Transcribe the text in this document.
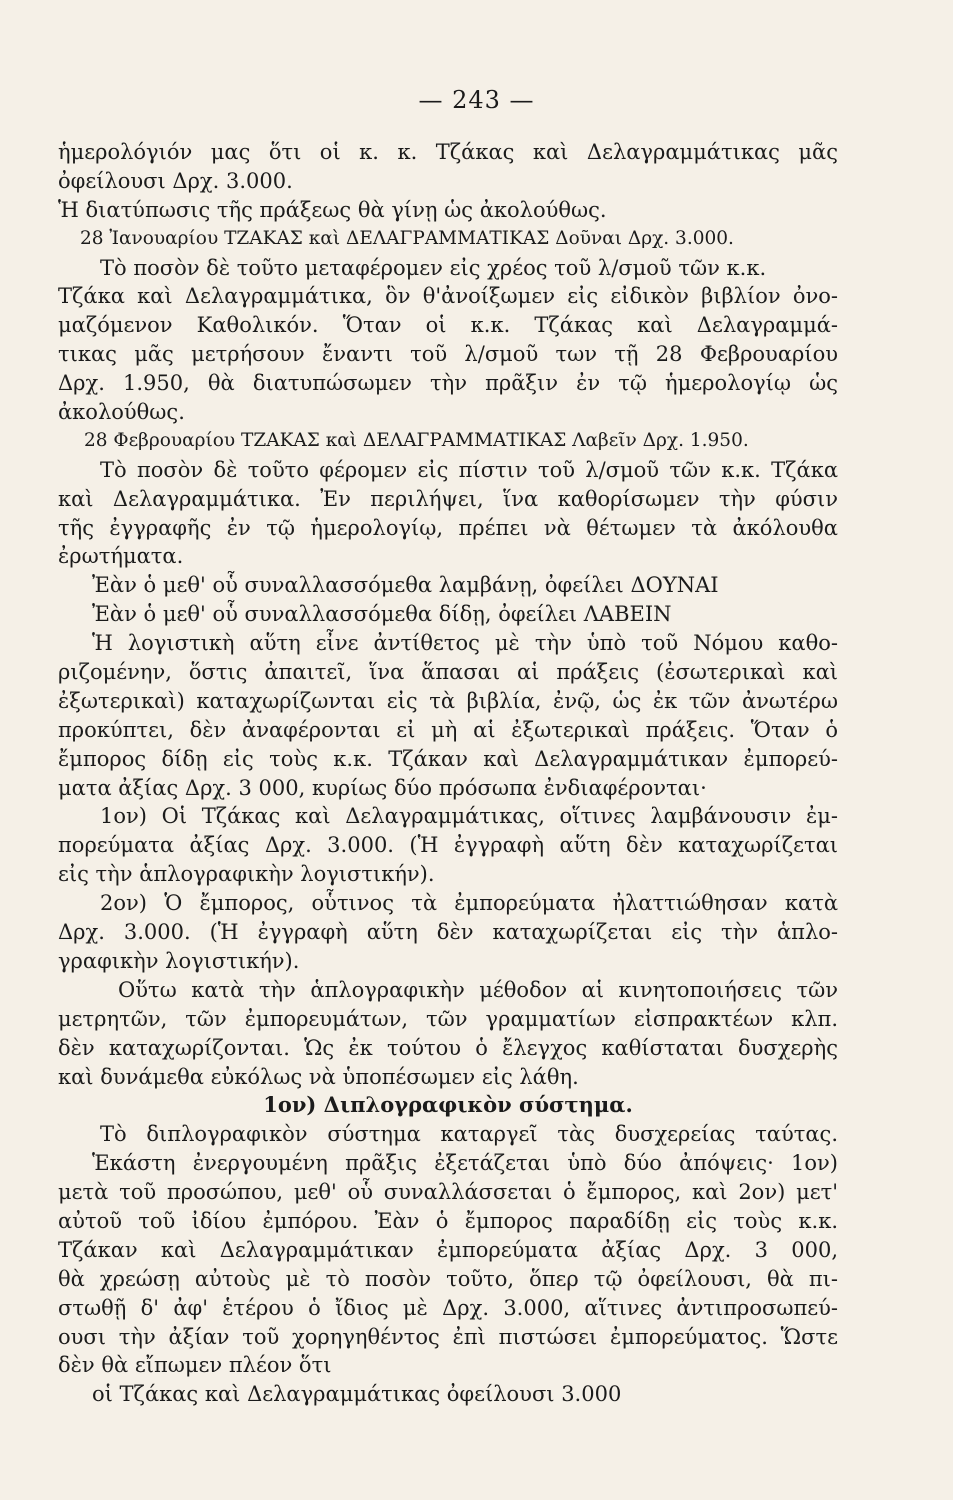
— 243 —
ἡμερολόγιόν μας ὅτι οἱ κ. κ. Τζάκας καὶ Δελαγραμμάτικας μᾶς
ὀφείλουσι Δρχ. 3.000.
Ἡ διατύπωσις τῆς πράξεως θὰ γίνῃ ὡς ἀκολούθως.
28 Ἰανουαρίου ΤΖΑΚΑΣ καὶ ΔΕΛΑΓΡΑΜΜΑΤΙΚΑΣ Δοῦναι Δρχ. 3.000.
Τὸ ποσὸν δὲ τοῦτο μεταφέρομεν εἰς χρέος τοῦ λ/σμοῦ τῶν κ.κ.
Τζάκα καὶ Δελαγραμμάτικα, ὃν θ'ἀνοίξωμεν εἰς εἰδικὸν βιβλίον ὀνο-
μαζόμενον Καθολικόν. Ὅταν οἱ κ.κ. Τζάκας καὶ Δελαγραμμά-
τικας μᾶς μετρήσουν ἔναντι τοῦ λ/σμοῦ των τῇ 28 Φεβρουαρίου
Δρχ. 1.950, θὰ διατυπώσωμεν τὴν πρᾶξιν ἐν τῷ ἡμερολογίῳ ὡς
ἀκολούθως.
28 Φεβρουαρίου ΤΖΑΚΑΣ καὶ ΔΕΛΑΓΡΑΜΜΑΤΙΚΑΣ Λαβεῖν Δρχ. 1.950.
Τὸ ποσὸν δὲ τοῦτο φέρομεν εἰς πίστιν τοῦ λ/σμοῦ τῶν κ.κ. Τζάκα
καὶ Δελαγραμμάτικα. Ἐν περιλήψει, ἵνα καθορίσωμεν τὴν φύσιν
τῆς ἐγγραφῆς ἐν τῷ ἡμερολογίῳ, πρέπει νὰ θέτωμεν τὰ ἀκόλουθα
ἐρωτήματα.
Ἐὰν ὁ μεθ' οὗ συναλλασσόμεθα λαμβάνῃ, ὀφείλει ΔΟΥΝΑΙ
Ἐὰν ὁ μεθ' οὗ συναλλασσόμεθα δίδῃ, ὀφείλει ΛΑΒΕΙΝ
Ἡ λογιστικὴ αὕτη εἶνε ἀντίθετος μὲ τὴν ὑπὸ τοῦ Νόμου καθο-
ριζομένην, ὅστις ἀπαιτεῖ, ἵνα ἅπασαι αἱ πράξεις (ἐσωτερικαὶ καὶ
ἐξωτερικαὶ) καταχωρίζωνται εἰς τὰ βιβλία, ἐνῷ, ὡς ἐκ τῶν ἀνωτέρω
προκύπτει, δὲν ἀναφέρονται εἰ μὴ αἱ ἐξωτερικαὶ πράξεις. Ὅταν ὁ
ἔμπορος δίδῃ εἰς τοὺς κ.κ. Τζάκαν καὶ Δελαγραμμάτικαν ἐμπορεύ-
ματα ἀξίας Δρχ. 3 000, κυρίως δύο πρόσωπα ἐνδιαφέρονται·
1ον) Οἱ Τζάκας καὶ Δελαγραμμάτικας, οἵτινες λαμβάνουσιν ἐμ-
πορεύματα ἀξίας Δρχ. 3.000. (Ἡ ἐγγραφὴ αὕτη δὲν καταχωρίζεται
εἰς τὴν ἁπλογραφικὴν λογιστικήν).
2ον) Ὁ ἔμπορος, οὗτινος τὰ ἐμπορεύματα ἠλαττιώθησαν κατὰ
Δρχ. 3.000. (Ἡ ἐγγραφὴ αὕτη δὲν καταχωρίζεται εἰς τὴν ἁπλο-
γραφικὴν λογιστικήν).
Οὕτω κατὰ τὴν ἁπλογραφικὴν μέθοδον αἱ κινητοποιήσεις τῶν
μετρητῶν, τῶν ἐμπορευμάτων, τῶν γραμματίων εἰσπρακτέων κλπ.
δὲν καταχωρίζονται. Ὡς ἐκ τούτου ὁ ἔλεγχος καθίσταται δυσχερὴς
καὶ δυνάμεθα εὐκόλως νὰ ὑποπέσωμεν εἰς λάθη.
1ον) Διπλογραφικὸν σύστημα.
Τὸ διπλογραφικὸν σύστημα καταργεῖ τὰς δυσχερείας ταύτας.
Ἑκάστη ἐνεργουμένη πρᾶξις ἐξετάζεται ὑπὸ δύο ἀπόψεις· 1ον)
μετὰ τοῦ προσώπου, μεθ' οὗ συναλλάσσεται ὁ ἔμπορος, καὶ 2ον) μετ'
αὐτοῦ τοῦ ἰδίου ἐμπόρου. Ἐὰν ὁ ἔμπορος παραδίδῃ εἰς τοὺς κ.κ.
Τζάκαν καὶ Δελαγραμμάτικαν ἐμπορεύματα ἀξίας Δρχ. 3 000,
θὰ χρεώσῃ αὐτοὺς μὲ τὸ ποσὸν τοῦτο, ὅπερ τῷ ὀφείλουσι, θὰ πι-
στωθῇ δ' ἀφ' ἑτέρου ὁ ἴδιος μὲ Δρχ. 3.000, αἵτινες ἀντιπροσωπεύ-
ουσι τὴν ἀξίαν τοῦ χορηγηθέντος ἐπὶ πιστώσει ἐμπορεύματος. Ὥστε
δὲν θὰ εἴπωμεν πλέον ὅτι
οἱ Τζάκας καὶ Δελαγραμμάτικας ὀφείλουσι 3.000
